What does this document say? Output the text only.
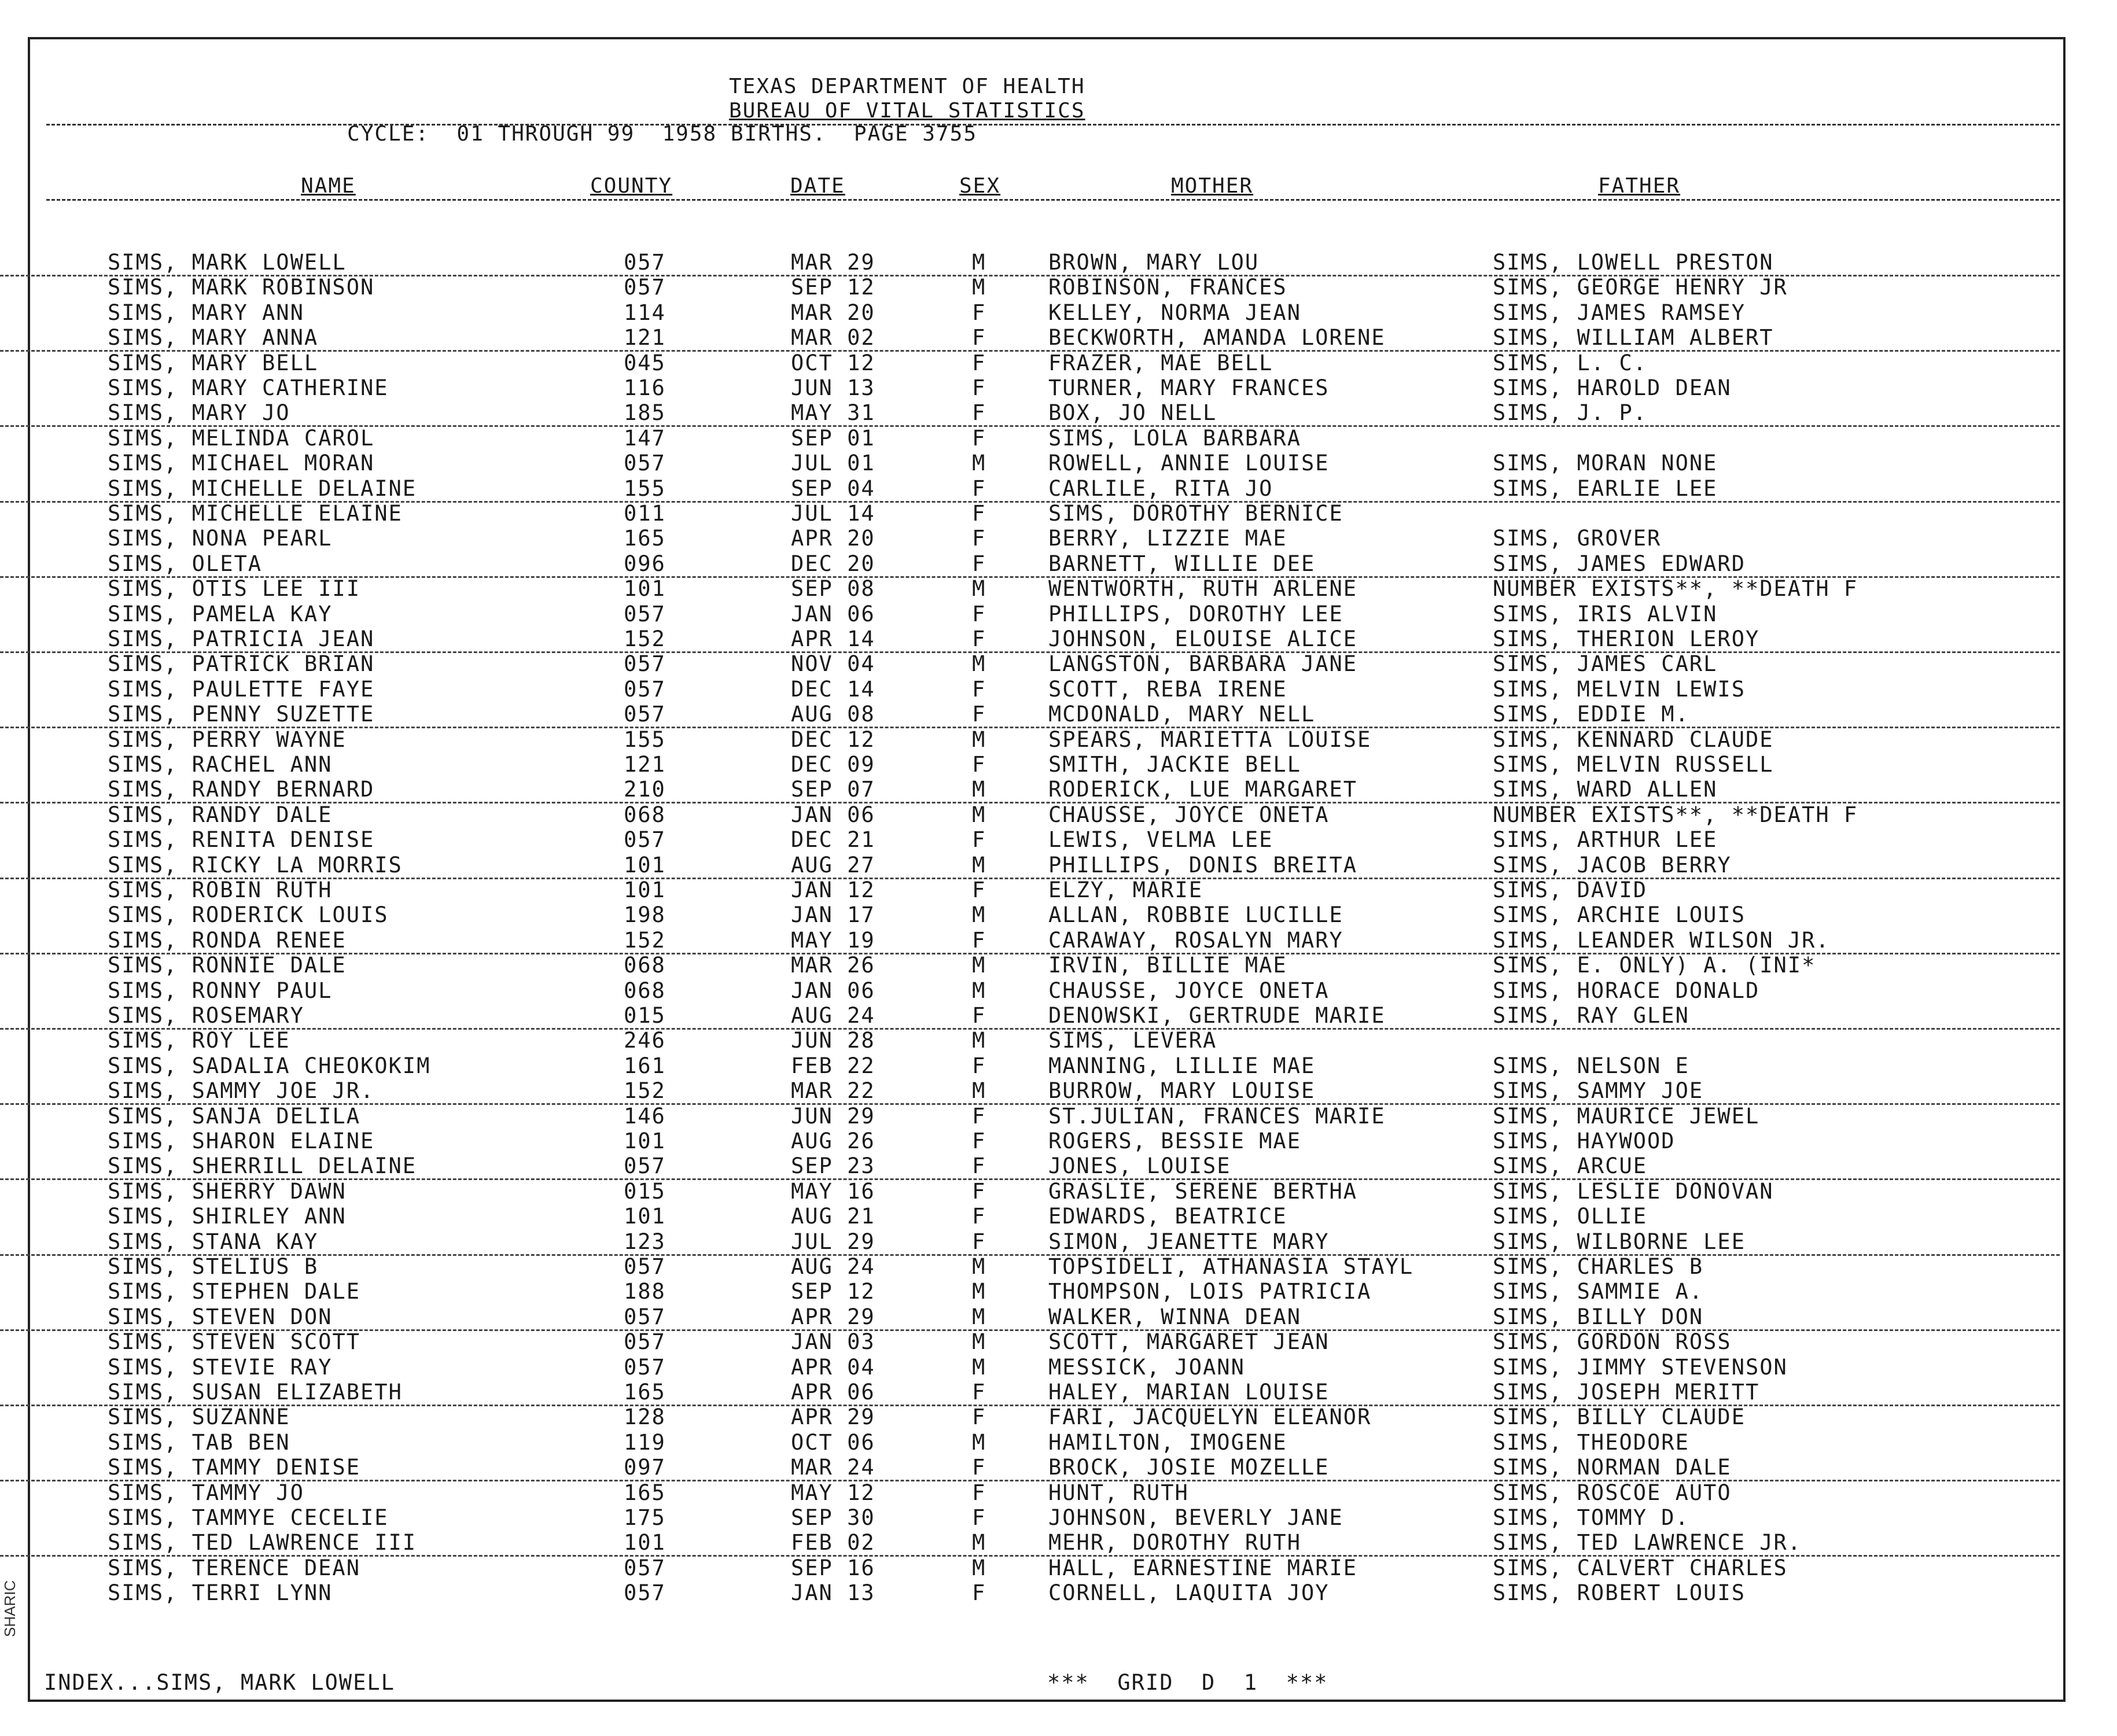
TEXAS DEPARTMENT OF HEALTH
BUREAU OF VITAL STATISTICS
CYCLE:  01 THROUGH 99  1958 BIRTHS.  PAGE 3755
NAME	COUNTY	DATE	SEX	MOTHER	FATHER
SIMS, MARK LOWELL	057	MAR 29	M	BROWN, MARY LOU	SIMS, LOWELL PRESTON
SIMS, MARK ROBINSON	057	SEP 12	M	ROBINSON, FRANCES	SIMS, GEORGE HENRY JR
SIMS, MARY ANN	114	MAR 20	F	KELLEY, NORMA JEAN	SIMS, JAMES RAMSEY
SIMS, MARY ANNA	121	MAR 02	F	BECKWORTH, AMANDA LORENE	SIMS, WILLIAM ALBERT
SIMS, MARY BELL	045	OCT 12	F	FRAZER, MAE BELL	SIMS, L. C.
SIMS, MARY CATHERINE	116	JUN 13	F	TURNER, MARY FRANCES	SIMS, HAROLD DEAN
SIMS, MARY JO	185	MAY 31	F	BOX, JO NELL	SIMS, J. P.
SIMS, MELINDA CAROL	147	SEP 01	F	SIMS, LOLA BARBARA
SIMS, MICHAEL MORAN	057	JUL 01	M	ROWELL, ANNIE LOUISE	SIMS, MORAN NONE
SIMS, MICHELLE DELAINE	155	SEP 04	F	CARLILE, RITA JO	SIMS, EARLIE LEE
SIMS, MICHELLE ELAINE	011	JUL 14	F	SIMS, DOROTHY BERNICE
SIMS, NONA PEARL	165	APR 20	F	BERRY, LIZZIE MAE	SIMS, GROVER
SIMS, OLETA	096	DEC 20	F	BARNETT, WILLIE DEE	SIMS, JAMES EDWARD
SIMS, OTIS LEE III	101	SEP 08	M	WENTWORTH, RUTH ARLENE	NUMBER EXISTS**, **DEATH F
SIMS, PAMELA KAY	057	JAN 06	F	PHILLIPS, DOROTHY LEE	SIMS, IRIS ALVIN
SIMS, PATRICIA JEAN	152	APR 14	F	JOHNSON, ELOUISE ALICE	SIMS, THERION LEROY
SIMS, PATRICK BRIAN	057	NOV 04	M	LANGSTON, BARBARA JANE	SIMS, JAMES CARL
SIMS, PAULETTE FAYE	057	DEC 14	F	SCOTT, REBA IRENE	SIMS, MELVIN LEWIS
SIMS, PENNY SUZETTE	057	AUG 08	F	MCDONALD, MARY NELL	SIMS, EDDIE M.
SIMS, PERRY WAYNE	155	DEC 12	M	SPEARS, MARIETTA LOUISE	SIMS, KENNARD CLAUDE
SIMS, RACHEL ANN	121	DEC 09	F	SMITH, JACKIE BELL	SIMS, MELVIN RUSSELL
SIMS, RANDY BERNARD	210	SEP 07	M	RODERICK, LUE MARGARET	SIMS, WARD ALLEN
SIMS, RANDY DALE	068	JAN 06	M	CHAUSSE, JOYCE ONETA	NUMBER EXISTS**, **DEATH F
SIMS, RENITA DENISE	057	DEC 21	F	LEWIS, VELMA LEE	SIMS, ARTHUR LEE
SIMS, RICKY LA MORRIS	101	AUG 27	M	PHILLIPS, DONIS BREITA	SIMS, JACOB BERRY
SIMS, ROBIN RUTH	101	JAN 12	F	ELZY, MARIE	SIMS, DAVID
SIMS, RODERICK LOUIS	198	JAN 17	M	ALLAN, ROBBIE LUCILLE	SIMS, ARCHIE LOUIS
SIMS, RONDA RENEE	152	MAY 19	F	CARAWAY, ROSALYN MARY	SIMS, LEANDER WILSON JR.
SIMS, RONNIE DALE	068	MAR 26	M	IRVIN, BILLIE MAE	SIMS, E. ONLY) A. (INI*
SIMS, RONNY PAUL	068	JAN 06	M	CHAUSSE, JOYCE ONETA	SIMS, HORACE DONALD
SIMS, ROSEMARY	015	AUG 24	F	DENOWSKI, GERTRUDE MARIE	SIMS, RAY GLEN
SIMS, ROY LEE	246	JUN 28	M	SIMS, LEVERA
SIMS, SADALIA CHEOKOKIM	161	FEB 22	F	MANNING, LILLIE MAE	SIMS, NELSON E
SIMS, SAMMY JOE JR.	152	MAR 22	M	BURROW, MARY LOUISE	SIMS, SAMMY JOE
SIMS, SANJA DELILA	146	JUN 29	F	ST.JULIAN, FRANCES MARIE	SIMS, MAURICE JEWEL
SIMS, SHARON ELAINE	101	AUG 26	F	ROGERS, BESSIE MAE	SIMS, HAYWOOD
SIMS, SHERRILL DELAINE	057	SEP 23	F	JONES, LOUISE	SIMS, ARCUE
SIMS, SHERRY DAWN	015	MAY 16	F	GRASLIE, SERENE BERTHA	SIMS, LESLIE DONOVAN
SIMS, SHIRLEY ANN	101	AUG 21	F	EDWARDS, BEATRICE	SIMS, OLLIE
SIMS, STANA KAY	123	JUL 29	F	SIMON, JEANETTE MARY	SIMS, WILBORNE LEE
SIMS, STELIUS B	057	AUG 24	M	TOPSIDELI, ATHANASIA STAYL	SIMS, CHARLES B
SIMS, STEPHEN DALE	188	SEP 12	M	THOMPSON, LOIS PATRICIA	SIMS, SAMMIE A.
SIMS, STEVEN DON	057	APR 29	M	WALKER, WINNA DEAN	SIMS, BILLY DON
SIMS, STEVEN SCOTT	057	JAN 03	M	SCOTT, MARGARET JEAN	SIMS, GORDON ROSS
SIMS, STEVIE RAY	057	APR 04	M	MESSICK, JOANN	SIMS, JIMMY STEVENSON
SIMS, SUSAN ELIZABETH	165	APR 06	F	HALEY, MARIAN LOUISE	SIMS, JOSEPH MERITT
SIMS, SUZANNE	128	APR 29	F	FARI, JACQUELYN ELEANOR	SIMS, BILLY CLAUDE
SIMS, TAB BEN	119	OCT 06	M	HAMILTON, IMOGENE	SIMS, THEODORE
SIMS, TAMMY DENISE	097	MAR 24	F	BROCK, JOSIE MOZELLE	SIMS, NORMAN DALE
SIMS, TAMMY JO	165	MAY 12	F	HUNT, RUTH	SIMS, ROSCOE AUTO
SIMS, TAMMYE CECELIE	175	SEP 30	F	JOHNSON, BEVERLY JANE	SIMS, TOMMY D.
SIMS, TED LAWRENCE III	101	FEB 02	M	MEHR, DOROTHY RUTH	SIMS, TED LAWRENCE JR.
SIMS, TERENCE DEAN	057	SEP 16	M	HALL, EARNESTINE MARIE	SIMS, CALVERT CHARLES
SIMS, TERRI LYNN	057	JAN 13	F	CORNELL, LAQUITA JOY	SIMS, ROBERT LOUIS
INDEX...SIMS, MARK LOWELL	***  GRID  D  1  ***
SHARIC
